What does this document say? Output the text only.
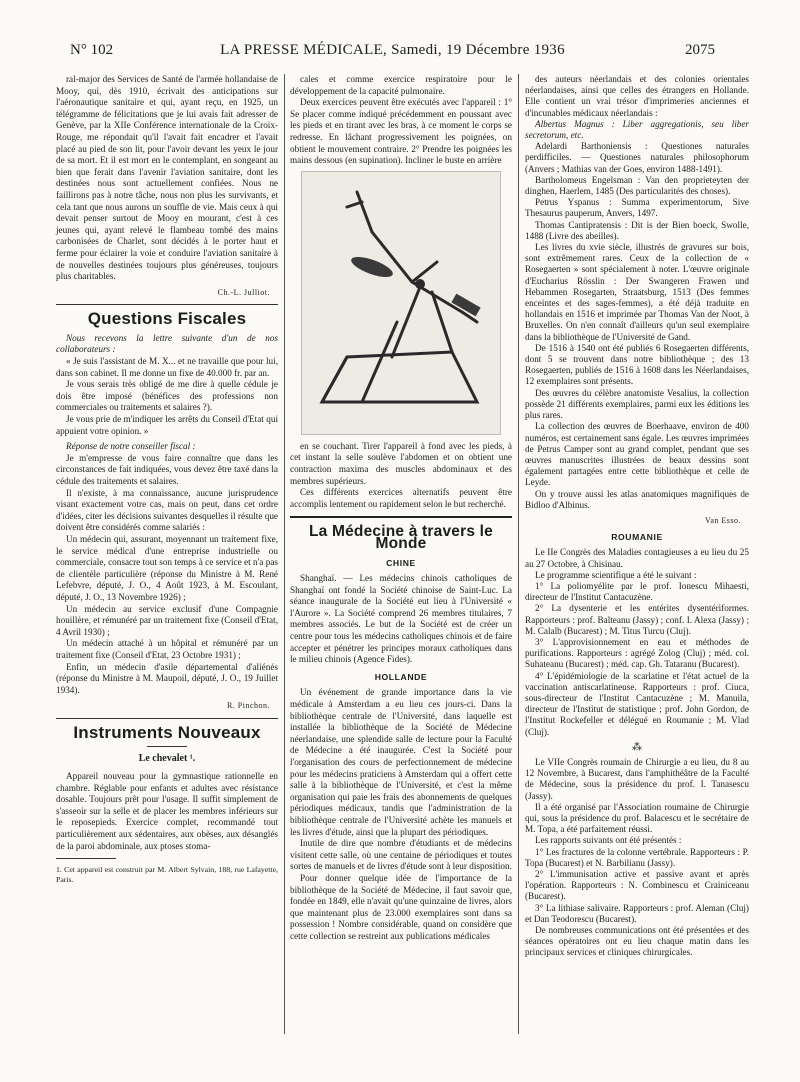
N° 102	LA PRESSE MÉDICALE, Samedi, 19 Décembre 1936	2075

ral-major des Services de Santé de l'armée hollandaise de Mooy, qui, dès 1910, écrivait des anticipations sur l'aéronautique sanitaire et qui, ayant reçu, en 1925, un télégramme de félicitations que je lui avais fait adresser de Genève, par la XIIe Conférence internationale de la Croix-Rouge, me répondait qu'il l'avait fait encadrer et l'avait placé au pied de son lit, pour l'avoir devant les yeux le jour de sa mort. Et il est mort en le contemplant, en songeant au bien que ferait dans l'avenir l'aviation sanitaire, dont les destinées nous sont actuellement confiées. Nous ne faillirons pas à notre tâche, nous non plus les survivants, et cela tant que nous aurons un souffle de vie. Mais ceux à qui devait penser surtout de Mooy en mourant, c'est à ces jeunes qui, ayant relevé le flambeau tombé des mains carbonisées de Charlet, sont décidés à le porter haut et ferme pour éclairer la voie et conduire l'aviation sanitaire à de nouvelles destinées toujours plus généreuses, toujours plus charitables.

Ch.-L. Julliot.
Questions Fiscales

Nous recevons la lettre suivante d'un de nos collaborateurs :

« Je suis l'assistant de M. X... et ne travaille que pour lui, dans son cabinet. Il me donne un fixe de 40.000 fr. par an.

Je vous serais très obligé de me dire à quelle cédule je dois être imposé (bénéfices des professions non commerciales ou traitements et salaires ?).

Je vous prie de m'indiquer les arrêts du Conseil d'Etat qui appuient votre opinion. »

Réponse de notre conseiller fiscal :

Je m'empresse de vous faire connaître que dans les circonstances de fait indiquées, vous devez être taxé dans la cédule des traitements et salaires.

Il n'existe, à ma connaissance, aucune jurisprudence visant exactement votre cas, mais on peut, dans cet ordre d'idées, citer les décisions suivantes desquelles il résulte que doivent être considérés comme salariés :

Un médecin qui, assurant, moyennant un traitement fixe, le service médical d'une entreprise industrielle ou commerciale, consacre tout son temps à ce service et n'a pas de clientèle particulière (réponse du Ministre à M. René Lefebvre, député, J. O., 4 Août 1923, à M. Escoulant, député, J. O., 13 Novembre 1926) ;

Un médecin au service exclusif d'une Compagnie houillère, et rémunéré par un traitement fixe (Conseil d'Etat, 4 Avril 1930) ;

Un médecin attaché à un hôpital et rémunéré par un traitement fixe (Conseil d'Etat, 23 Octobre 1931) ;

Enfin, un médecin d'asile départemental d'aliénés (réponse du Ministre à M. Maupoil, député, J. O., 19 Juillet 1934).

R. Pinchon.
Instruments Nouveaux
Le chevalet ¹.

Appareil nouveau pour la gymnastique rationnelle en chambre. Réglable pour enfants et adultes avec résistance dosable. Toujours prêt pour l'usage. Il suffit simplement de s'asseoir sur la selle et de placer les membres inférieurs sur le reposepieds. Exercice complet, recommandé tout particulièrement aux sédentaires, aux obèses, aux désanglés de la paroi abdominale, aux ptoses stoma-

1. Cet appareil est construit par M. Albert Sylvain, 188, rue Lafayette, Paris.

cales et comme exercice respiratoire pour le développement de la capacité pulmonaire.

Deux exercices peuvent être exécutés avec l'appareil : 1° Se placer comme indiqué précédemment en poussant avec les pieds et en tirant avec les bras, à ce moment le corps se redresse. En lâchant progressivement les poignées, on obtient le mouvement contraire. 2° Prendre les poignées les mains dessous (en supination). Incliner le buste en arrière

en se couchant. Tirer l'appareil à fond avec les pieds, à cet instant la selle soulève l'abdomen et on obtient une contraction maxima des muscles abdominaux et des membres supérieurs.

Ces différents exercices alternatifs peuvent être accomplis lentement ou rapidement selon le but recherché.

La Médecine à travers le Monde
CHINE

Shanghaï. — Les médecins chinois catholiques de Shanghaï ont fondé la Société chinoise de Saint-Luc. La séance inaugurale de la Société eut lieu à l'Université « l'Aurore ». La Société comprend 26 membres titulaires, 7 membres associés. Le but de la Société est de créer un centre pour tous les médecins catholiques chinois et de faire accepter et pénétrer les principes moraux catholiques dans le milieu chinois (Agence Fides).

HOLLANDE

Un événement de grande importance dans la vie médicale à Amsterdam a eu lieu ces jours-ci. Dans la bibliothèque centrale de l'Université, dans laquelle est installée la bibliothèque de la Société de Médecine néerlandaise, une splendide salle de lecture pour la Faculté de Médecine a été inaugurée. C'est la Société pour l'organisation des cours de perfectionnement de médecine pour les médecins praticiens à Amsterdam qui a offert cette salle à la bibliothèque de l'Université, et c'est la même organisation qui paie les frais des abonnements de quelques périodiques médicaux, tandis que l'administration de la bibliothèque centrale de l'Université achète les manuels et les livres d'étude, ainsi que la plupart des périodiques.

Inutile de dire que nombre d'étudiants et de médecins visitent cette salle, où une centaine de périodiques et toutes sortes de manuels et de livres d'étude sont à leur disposition.

Pour donner quelque idée de l'importance de la bibliothèque de la Société de Médecine, il faut savoir que, fondée en 1849, elle n'avait qu'une quinzaine de livres, alors que maintenant plus de 23.000 exemplaires sont dans sa possession ! Nombre considérable, quand on considère que cette collection se restreint aux publications médicales

des auteurs néerlandais et des colonies orientales néerlandaises, ainsi que celles des étrangers en Hollande. Elle contient un vrai trésor d'imprimeries anciennes et d'incunables médicaux néerlandais :

Albertus Magnus : Liber aggregationis, seu liber secretorum, etc.

Adelardi Barthoniensis : Questiones naturales perdifficiles. — Questiones naturales philosophorum (Anvers ; Mathias van der Goes, environ 1488-1491).

Bartholomeus Engelsman : Van den proprieteyten der dinghen, Haerlem, 1485 (Des particularités des choses).

Petrus Yspanus : Summa experimentorum, Sive Thesaurus pauperum, Anvers, 1497.

Thomas Cantipratensis : Dit is der Bien boeck, Swolle, 1488 (Livre des abeilles).

Les livres du xvie siècle, illustrés de gravures sur bois, sont extrêmement rares. Ceux de la collection de « Rosegaerten » sont spécialement à noter. L'œuvre originale d'Eucharius Rösslin : Der Swangeren Frawen und Hebammen Rosegarten, Straatsburg, 1513 (Des femmes enceintes et des sages-femmes), a été déjà traduite en hollandais en 1516 et imprimée par Thomas Van der Noot, à Bruxelles. On n'en connaît d'ailleurs qu'un seul exemplaire dans la bibliothèque de l'Université de Gand.

De 1516 à 1540 ont été publiés 6 Rosegaerten différents, dont 5 se trouvent dans notre bibliothèque ; des 13 Rosegaerten, publiés de 1516 à 1608 dans les Néerlandaises, 12 exemplaires sont présents.

Des œuvres du célèbre anatomiste Vesalius, la collection possède 21 différents exemplaires, parmi eux les éditions les plus rares.

La collection des œuvres de Boerhaave, environ de 400 numéros, est certainement sans égale. Les œuvres imprimées de Petrus Camper sont au grand complet, pendant que ses œuvres manuscrites illustrées de beaux dessins sont également partagées entre cette bibliothèque et celle de Leyde.

On y trouve aussi les atlas anatomiques magnifiques de Bidloo d'Albinus.

Van Esso.
ROUMANIE

Le IIe Congrès des Maladies contagieuses a eu lieu du 25 au 27 Octobre, à Chisinau.

Le programme scientifique a été le suivant :

1° La poliomyélite par le prof. Ionescu Mihaesti, directeur de l'Institut Cantacuzène.

2° La dysenterie et les entérites dysentériformes. Rapporteurs : prof. Balteanu (Jassy) ; conf. I. Alexa (Jassy) ; M. Calalb (Bucarest) ; M. Titus Turcu (Cluj).

3° L'approvisionnement en eau et méthodes de purifications. Rapporteurs : agrégé Zolog (Cluj) ; méd. col. Suhateanu (Bucarest) ; méd. cap. Gh. Tataranu (Bucarest).

4° L'épidémiologie de la scarlatine et l'état actuel de la vaccination antiscarlatineuse. Rapporteurs : prof. Ciuca, sous-directeur de l'Institut Cantacuzène ; M. Manuila, directeur de l'Institut de statistique ; prof. John Gordon, de l'Institut Rockefeller et délégué en Roumanie ; M. Vlad (Cluj).

⁂

Le VIIe Congrès roumain de Chirurgie a eu lieu, du 8 au 12 Novembre, à Bucarest, dans l'amphithéâtre de la Faculté de Médecine, sous la présidence du prof. I. Tanasescu (Jassy).

Il a été organisé par l'Association roumaine de Chirurgie qui, sous la présidence du prof. Balacescu et le secrétaire de M. Topa, a été parfaitement réussi.

Les rapports suivants ont été présentés :

1° Les fractures de la colonne vertébrale. Rapporteurs : P. Topa (Bucarest) et N. Barbilianu (Jassy).

2° L'immunisation active et passive avant et après l'opération. Rapporteurs : N. Combinescu et Crainiceanu (Bucarest).

3° La lithiase salivaire. Rapporteurs : prof. Aleman (Cluj) et Dan Teodorescu (Bucarest).

De nombreuses communications ont été présentées et des séances opératoires ont eu lieu chaque matin dans les principaux services et cliniques chirurgicales.
